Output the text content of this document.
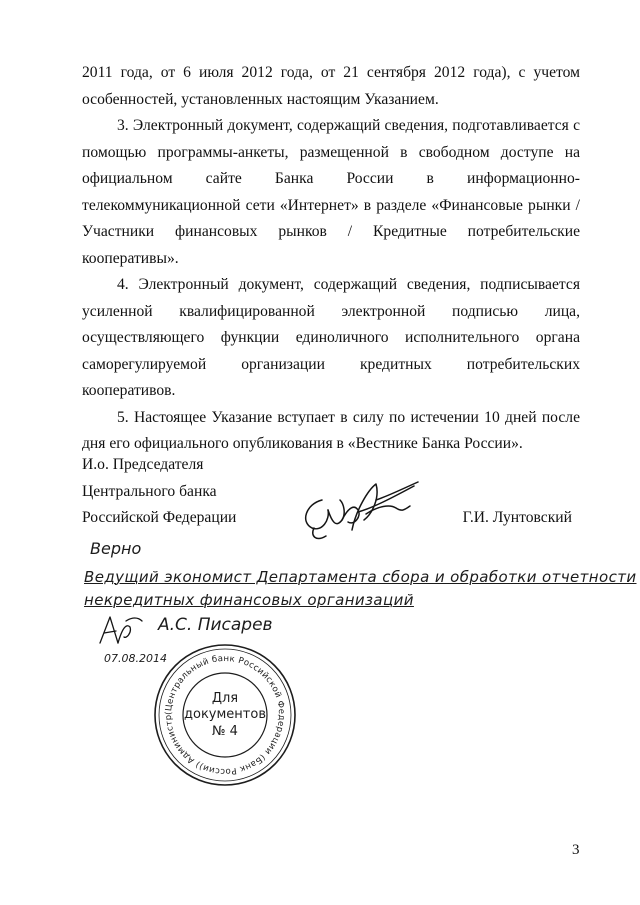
2011 года, от 6 июля 2012 года, от 21 сентября 2012 года), с учетом особенностей, установленных настоящим Указанием.

3. Электронный документ, содержащий сведения, подготавливается с помощью программы-анкеты, размещенной в свободном доступе на официальном сайте Банка России в информационно-телекоммуникационной сети «Интернет» в разделе «Финансовые рынки / Участники финансовых рынков / Кредитные потребительские кооперативы».

4. Электронный документ, содержащий сведения, подписывается усиленной квалифицированной электронной подписью лица, осуществляющего функции единоличного исполнительного органа саморегулируемой организации кредитных потребительских кооперативов.

5. Настоящее Указание вступает в силу по истечении 10 дней после дня его официального опубликования в «Вестнике Банка России».

И.о. Председателя
Центрального банка
Российской Федерации	Г.И. Лунтовский
Верно
Ведущий экономист Департамента сбора и обработки отчетности
некредитных финансовых организаций
А.С. Писарев
07.08.2014
(Центральный банк Российской Федерации (Банк России)) Администр
Для
документов
№ 4
3
